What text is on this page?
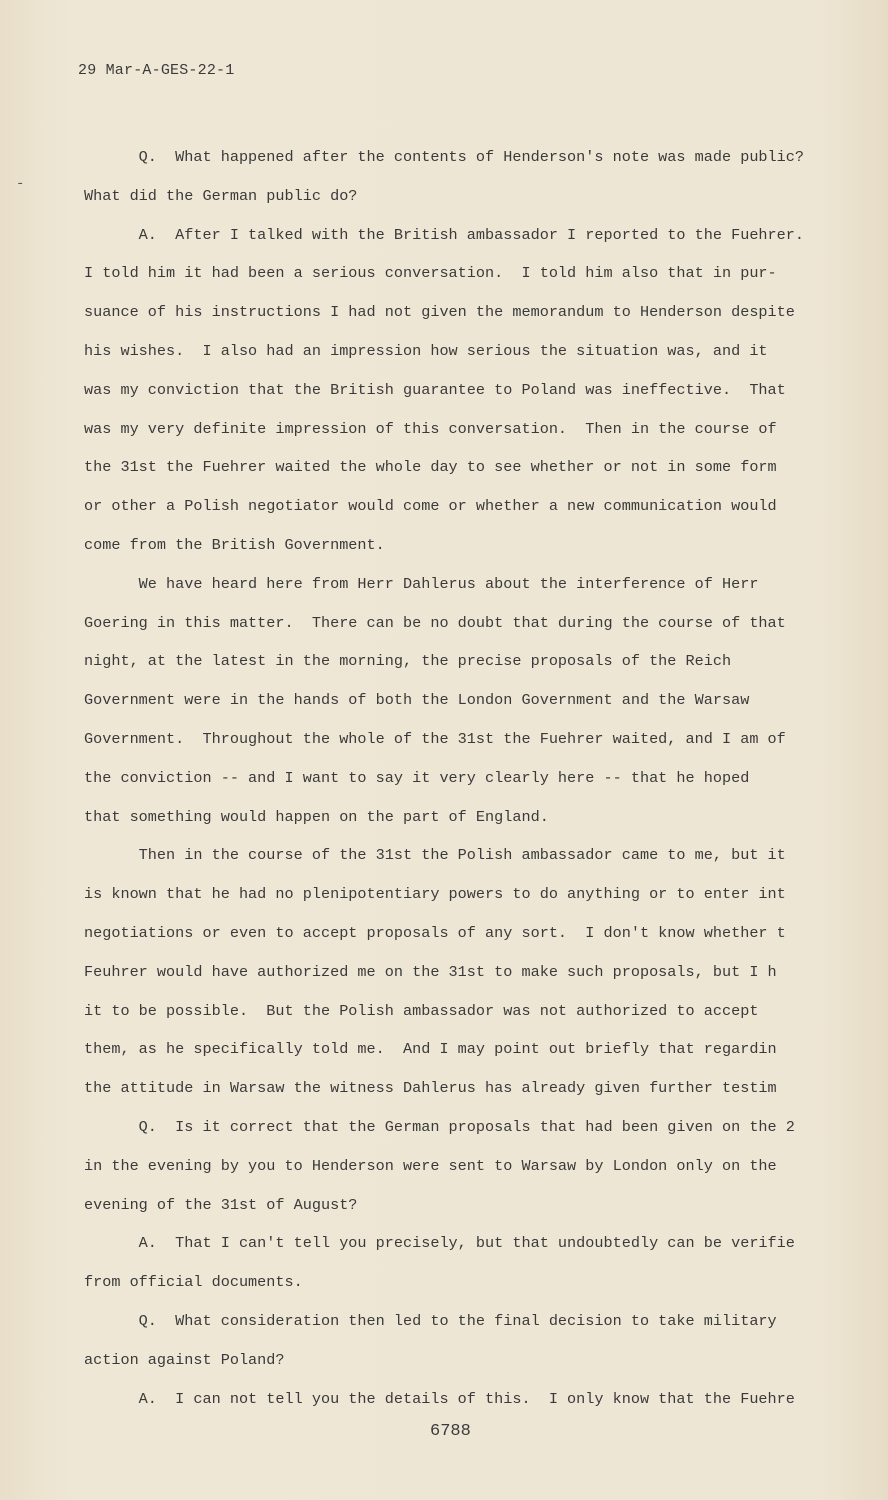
-
29 Mar-A-GES-22-1

Q.  What happened after the contents of Henderson's note was made public?

What did the German public do?

A.  After I talked with the British ambassador I reported to the Fuehrer.

I told him it had been a serious conversation.  I told him also that in pur-

suance of his instructions I had not given the memorandum to Henderson despite

his wishes.  I also had an impression how serious the situation was, and it

was my conviction that the British guarantee to Poland was ineffective.  That

was my very definite impression of this conversation.  Then in the course of

the 31st the Fuehrer waited the whole day to see whether or not in some form

or other a Polish negotiator would come or whether a new communication would

come from the British Government.

We have heard here from Herr Dahlerus about the interference of Herr

Goering in this matter.  There can be no doubt that during the course of that

night, at the latest in the morning, the precise proposals of the Reich

Government were in the hands of both the London Government and the Warsaw

Government.  Throughout the whole of the 31st the Fuehrer waited, and I am of

the conviction -- and I want to say it very clearly here -- that he hoped

that something would happen on the part of England.

Then in the course of the 31st the Polish ambassador came to me, but it

is known that he had no plenipotentiary powers to do anything or to enter int

negotiations or even to accept proposals of any sort.  I don't know whether t

Feuhrer would have authorized me on the 31st to make such proposals, but I h

it to be possible.  But the Polish ambassador was not authorized to accept

them, as he specifically told me.  And I may point out briefly that regardin

the attitude in Warsaw the witness Dahlerus has already given further testim

Q.  Is it correct that the German proposals that had been given on the 2

in the evening by you to Henderson were sent to Warsaw by London only on the

evening of the 31st of August?

A.  That I can't tell you precisely, but that undoubtedly can be verifie

from official documents.

Q.  What consideration then led to the final decision to take military

action against Poland?

A.  I can not tell you the details of this.  I only know that the Fuehre

6788
